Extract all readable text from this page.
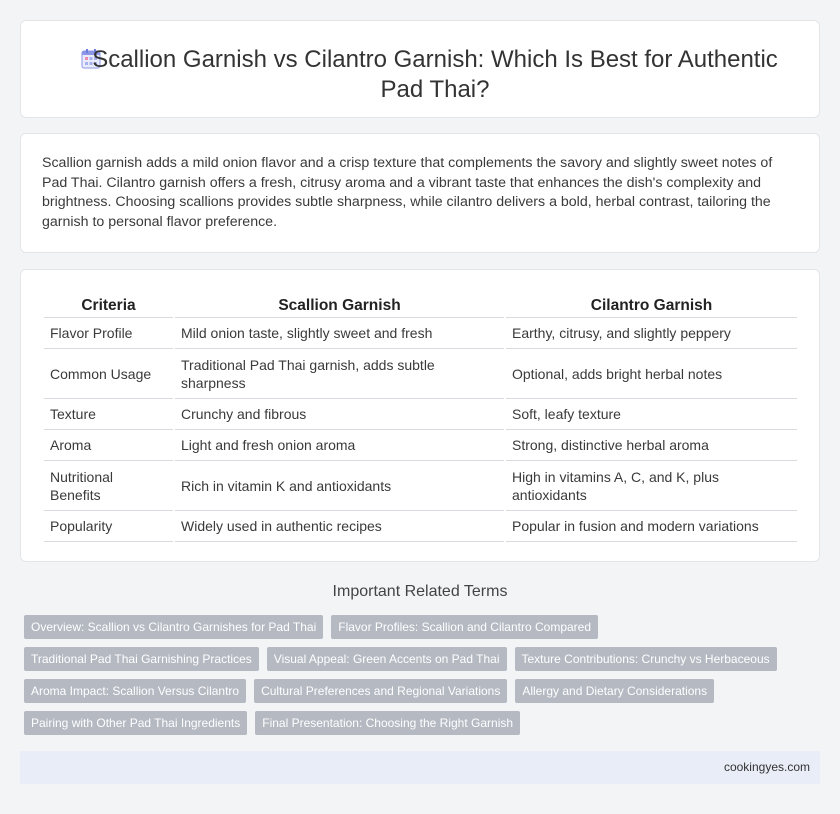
Scallion Garnish vs Cilantro Garnish: Which Is Best for Authentic Pad Thai?

Scallion garnish adds a mild onion flavor and a crisp texture that complements the savory and slightly sweet notes of Pad Thai. Cilantro garnish offers a fresh, citrusy aroma and a vibrant taste that enhances the dish's complexity and brightness. Choosing scallions provides subtle sharpness, while cilantro delivers a bold, herbal contrast, tailoring the garnish to personal flavor preference.

Criteria	Scallion Garnish	Cilantro Garnish
Flavor Profile	Mild onion taste, slightly sweet and fresh	Earthy, citrusy, and slightly peppery
Common Usage	Traditional Pad Thai garnish, adds subtle sharpness	Optional, adds bright herbal notes
Texture	Crunchy and fibrous	Soft, leafy texture
Aroma	Light and fresh onion aroma	Strong, distinctive herbal aroma
Nutritional Benefits	Rich in vitamin K and antioxidants	High in vitamins A, C, and K, plus antioxidants
Popularity	Widely used in authentic recipes	Popular in fusion and modern variations
Important Related Terms
Overview: Scallion vs Cilantro Garnishes for Pad Thai	Flavor Profiles: Scallion and Cilantro Compared
Traditional Pad Thai Garnishing Practices	Visual Appeal: Green Accents on Pad Thai	Texture Contributions: Crunchy vs Herbaceous
Aroma Impact: Scallion Versus Cilantro	Cultural Preferences and Regional Variations	Allergy and Dietary Considerations
Pairing with Other Pad Thai Ingredients	Final Presentation: Choosing the Right Garnish
cookingyes.com
